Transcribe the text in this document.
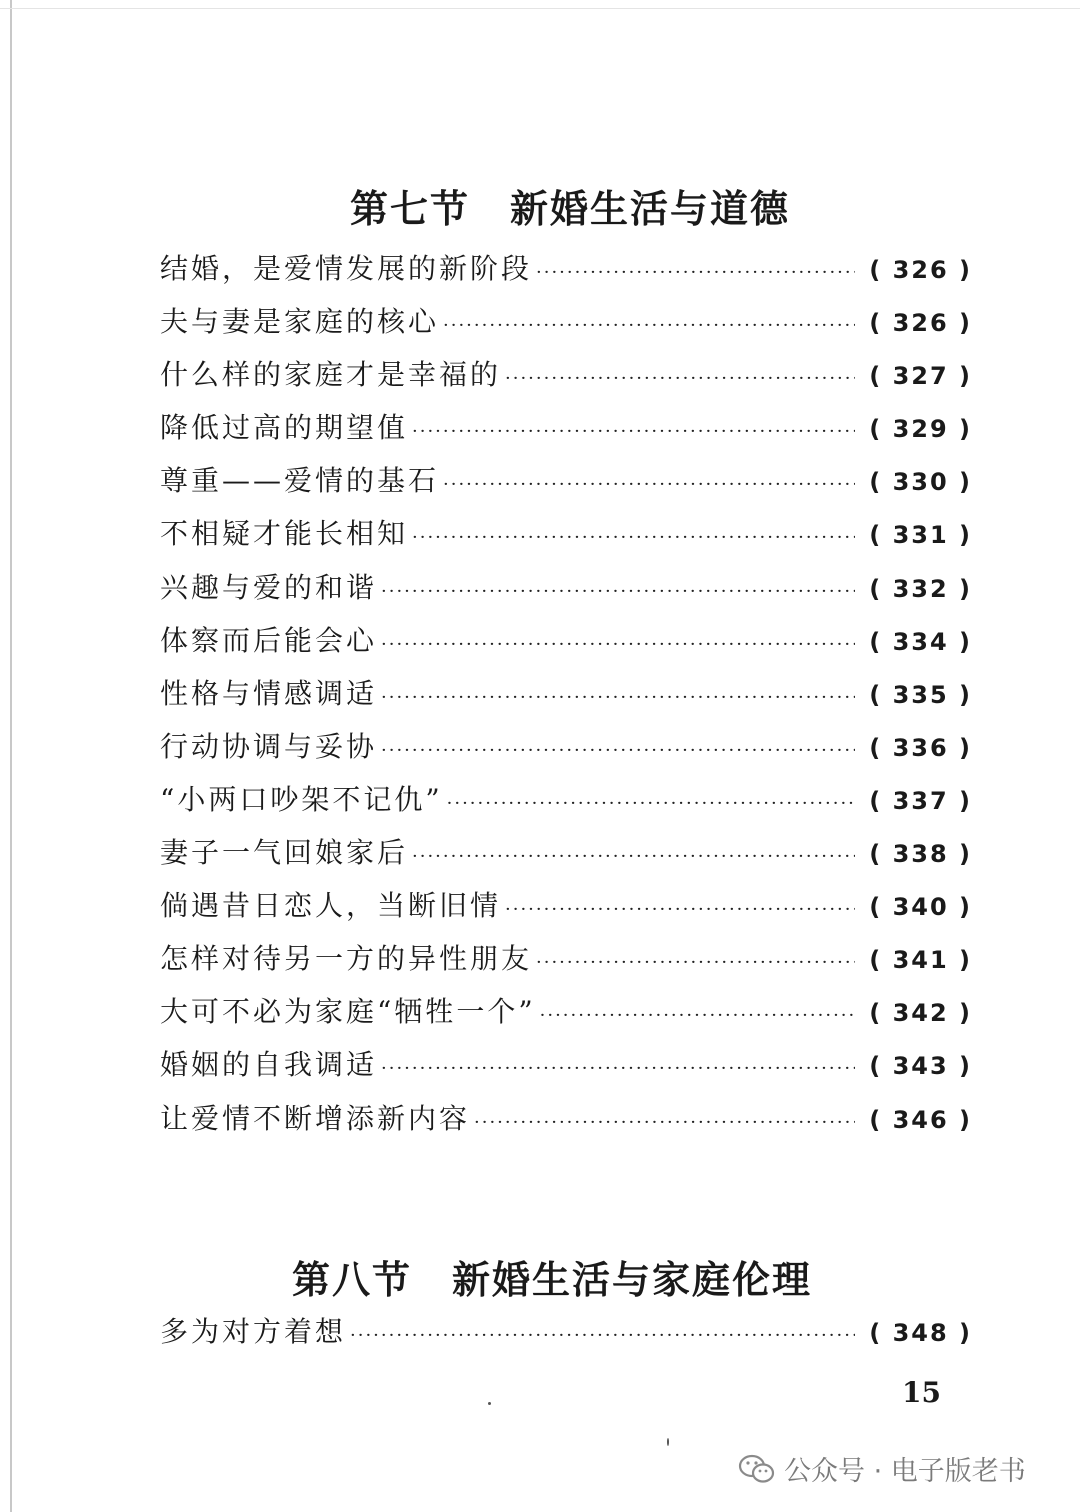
第七节　新婚生活与道德
结婚，是爱情发展的新阶段 ·····	( 326 )
夫与妻是家庭的核心 ·····	( 326 )
什么样的家庭才是幸福的 ·····	( 327 )
降低过高的期望值 ·····	( 329 )
尊重——爱情的基石 ·····	( 330 )
不相疑才能长相知 ·····	( 331 )
兴趣与爱的和谐 ·····	( 332 )
体察而后能会心 ·····	( 334 )
性格与情感调适 ·····	( 335 )
行动协调与妥协 ·····	( 336 )
“小两口吵架不记仇” ·····	( 337 )
妻子一气回娘家后 ·····	( 338 )
倘遇昔日恋人，当断旧情 ·····	( 340 )
怎样对待另一方的异性朋友 ·····	( 341 )
大可不必为家庭“牺牲一个” ·····	( 342 )
婚姻的自我调适 ·····	( 343 )
让爱情不断增添新内容 ·····	( 346 )
第八节　新婚生活与家庭伦理
多为对方着想 ·····	( 348 )
15
公众号 · 电子版老书
